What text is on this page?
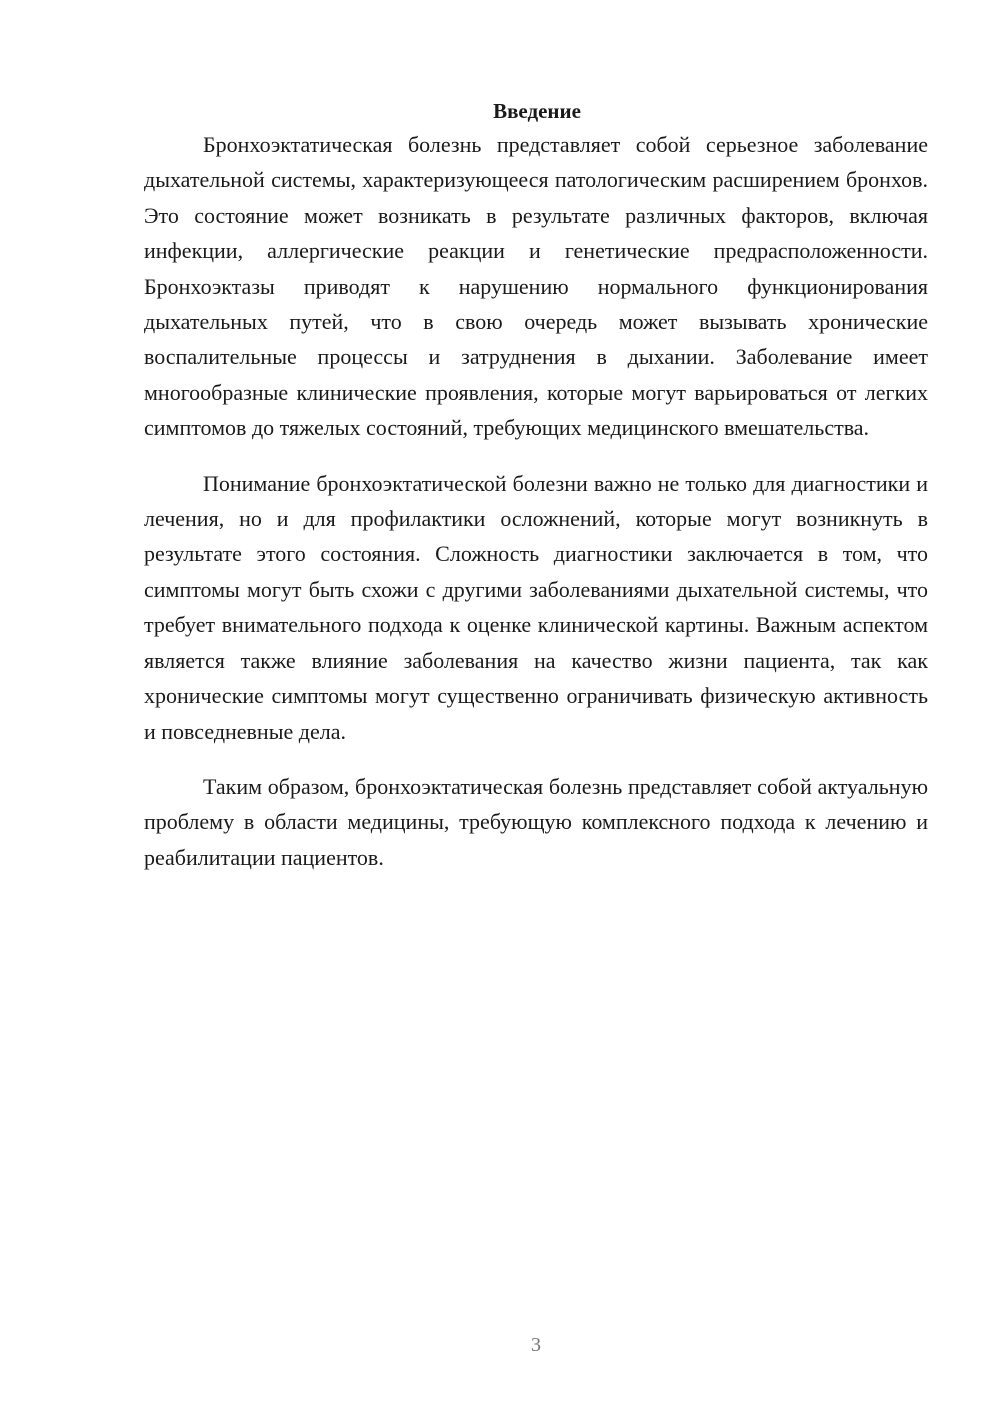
Введение

Бронхоэктатическая болезнь представляет собой серьезное заболевание дыхательной системы, характеризующееся патологическим расширением бронхов. Это состояние может возникать в результате различных факторов, включая инфекции, аллергические реакции и генетические предрасположенности. Бронхоэктазы приводят к нарушению нормального функционирования дыхательных путей, что в свою очередь может вызывать хронические воспалительные процессы и затруднения в дыхании. Заболевание имеет многообразные клинические проявления, которые могут варьироваться от легких симптомов до тяжелых состояний, требующих медицинского вмешательства.

Понимание бронхоэктатической болезни важно не только для диагностики и лечения, но и для профилактики осложнений, которые могут возникнуть в результате этого состояния. Сложность диагностики заключается в том, что симптомы могут быть схожи с другими заболеваниями дыхательной системы, что требует внимательного подхода к оценке клинической картины. Важным аспектом является также влияние заболевания на качество жизни пациента, так как хронические симптомы могут существенно ограничивать физическую активность и повседневные дела.

Таким образом, бронхоэктатическая болезнь представляет собой актуальную проблему в области медицины, требующую комплексного подхода к лечению и реабилитации пациентов.

3
